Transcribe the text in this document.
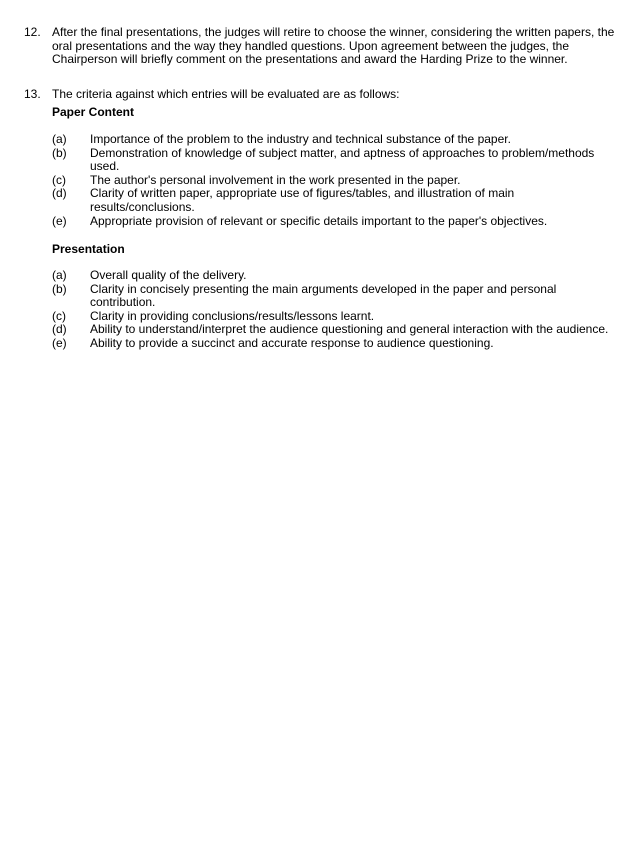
12. After the final presentations, the judges will retire to choose the winner, considering the written papers, the oral presentations and the way they handled questions. Upon agreement between the judges, the Chairperson will briefly comment on the presentations and award the Harding Prize to the winner.
13. The criteria against which entries will be evaluated are as follows:
Paper Content
(a)	Importance of the problem to the industry and technical substance of the paper.
(b)	Demonstration of knowledge of subject matter, and aptness of approaches to problem/methods used.
(c)	The author's personal involvement in the work presented in the paper.
(d)	Clarity of written paper, appropriate use of figures/tables, and illustration of main results/conclusions.
(e)	Appropriate provision of relevant or specific details important to the paper's objectives.
Presentation
(a)	Overall quality of the delivery.
(b)	Clarity in concisely presenting the main arguments developed in the paper and personal contribution.
(c)	Clarity in providing conclusions/results/lessons learnt.
(d)	Ability to understand/interpret the audience questioning and general interaction with the audience.
(e)	Ability to provide a succinct and accurate response to audience questioning.
